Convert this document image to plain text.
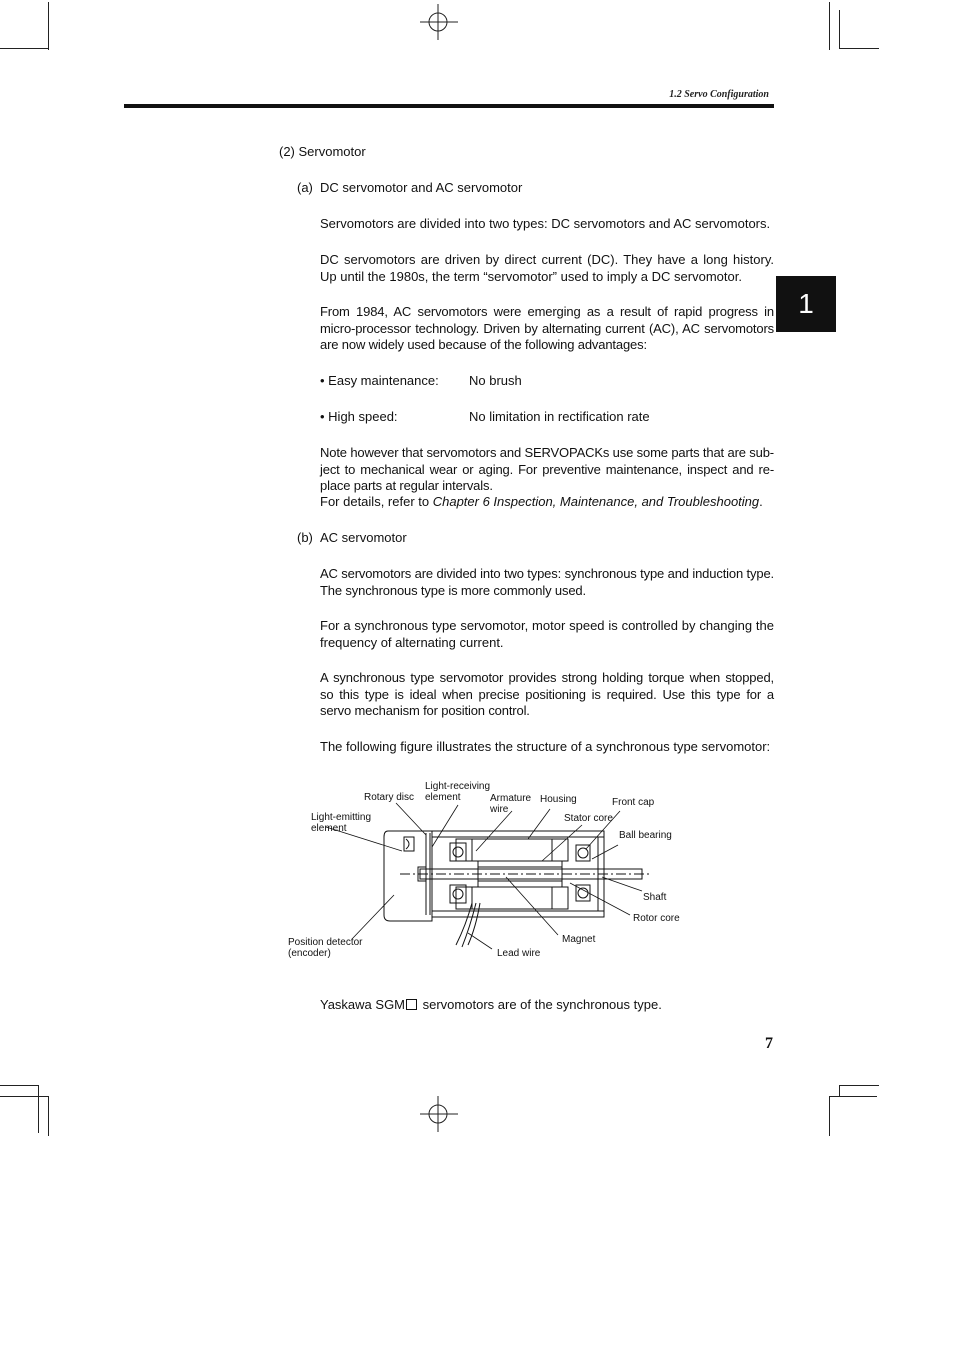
1.2 Servo Configuration
1
(2) Servomotor
(a) DC servomotor and AC servomotor
Servomotors are divided into two types: DC servomotors and AC servomotors.
DC servomotors are driven by direct current (DC). They have a long history. Up until the 1980s, the term “servomotor” used to imply a DC servomotor.
From 1984, AC servomotors were emerging as a result of rapid progress in micro-processor technology. Driven by alternating current (AC), AC servomotors are now widely used because of the following advantages:
• Easy maintenance: No brush
• High speed:	No limitation in rectification rate
Note however that servomotors and SERVOPACKs use some parts that are sub-ject to mechanical wear or aging. For preventive maintenance, inspect and re-place parts at regular intervals.
For details, refer to Chapter 6 Inspection, Maintenance, and Troubleshooting.
(b) AC servomotor
AC servomotors are divided into two types: synchronous type and induction type. The synchronous type is more commonly used.
For a synchronous type servomotor, motor speed is controlled by changing the frequency of alternating current.
A synchronous type servomotor provides strong holding torque when stopped, so this type is ideal when precise positioning is required. Use this type for a servo mechanism for position control.
The following figure illustrates the structure of a synchronous type servomotor:
Light-receiving
element
Rotary disc	Armature
wire
Housing	Front cap
Light-emitting
element
Stator core
Ball bearing
Shaft
Rotor core
Magnet
Position detector
(encoder)	Lead wire
Yaskawa SGM servomotors are of the synchronous type.
7
